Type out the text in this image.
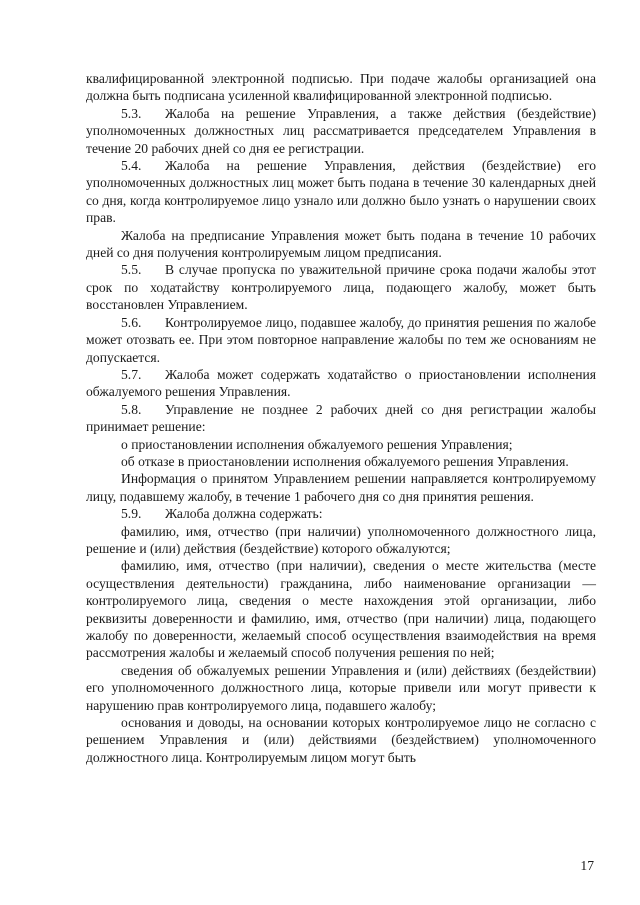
квалифицированной электронной подписью. При подаче жалобы организацией она должна быть подписана усиленной квалифицированной электронной подписью.

5.3. Жалоба на решение Управления, а также действия (бездействие) уполномоченных должностных лиц рассматривается председателем Управления в течение 20 рабочих дней со дня ее регистрации.

5.4. Жалоба на решение Управления, действия (бездействие) его уполномоченных должностных лиц может быть подана в течение 30 календарных дней со дня, когда контролируемое лицо узнало или должно было узнать о нарушении своих прав.

Жалоба на предписание Управления может быть подана в течение 10 рабочих дней со дня получения контролируемым лицом предписания.

5.5. В случае пропуска по уважительной причине срока подачи жалобы этот срок по ходатайству контролируемого лица, подающего жалобу, может быть восстановлен Управлением.

5.6. Контролируемое лицо, подавшее жалобу, до принятия решения по жалобе может отозвать ее. При этом повторное направление жалобы по тем же основаниям не допускается.

5.7. Жалоба может содержать ходатайство о приостановлении исполнения обжалуемого решения Управления.

5.8. Управление не позднее 2 рабочих дней со дня регистрации жалобы принимает решение:

о приостановлении исполнения обжалуемого решения Управления;

об отказе в приостановлении исполнения обжалуемого решения Управления.

Информация о принятом Управлением решении направляется контролируемому лицу, подавшему жалобу, в течение 1 рабочего дня со дня принятия решения.

5.9. Жалоба должна содержать:

фамилию, имя, отчество (при наличии) уполномоченного должностного лица, решение и (или) действия (бездействие) которого обжалуются;

фамилию, имя, отчество (при наличии), сведения о месте жительства (месте осуществления деятельности) гражданина, либо наименование организации — контролируемого лица, сведения о месте нахождения этой организации, либо реквизиты доверенности и фамилию, имя, отчество (при наличии) лица, подающего жалобу по доверенности, желаемый способ осуществления взаимодействия на время рассмотрения жалобы и желаемый способ получения решения по ней;

сведения об обжалуемых решении Управления и (или) действиях (бездействии) его уполномоченного должностного лица, которые привели или могут привести к нарушению прав контролируемого лица, подавшего жалобу;

основания и доводы, на основании которых контролируемое лицо не согласно с решением Управления и (или) действиями (бездействием) уполномоченного должностного лица. Контролируемым лицом могут быть

17
